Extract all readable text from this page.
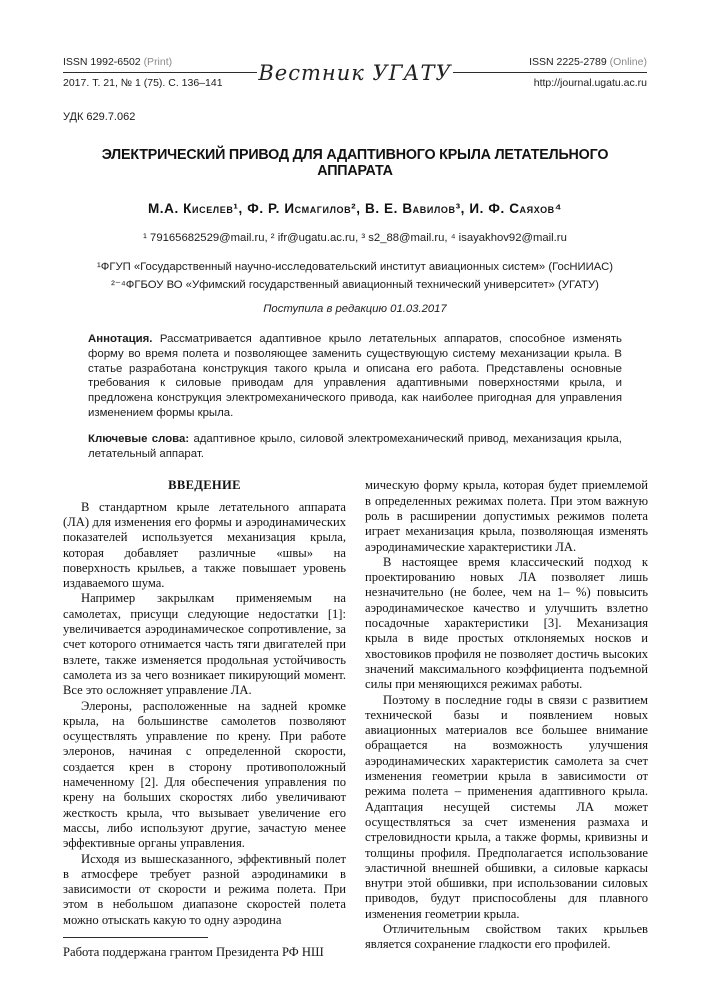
ISSN 1992-6502 (Print)
2017. Т. 21, № 1 (75). С. 136–141	Вестник УГАТУ	ISSN 2225-2789 (Online)
http://journal.ugatu.ac.ru
УДК 629.7.062
ЭЛЕКТРИЧЕСКИЙ ПРИВОД ДЛЯ АДАПТИВНОГО КРЫЛА ЛЕТАТЕЛЬНОГО АППАРАТА
М.А. Киселев¹, Ф. Р. Исмагилов², В. Е. Вавилов³, И. Ф. Саяхов⁴
¹ 79165682529@mail.ru, ² ifr@ugatu.ac.ru, ³ s2_88@mail.ru, ⁴ isayakhov92@mail.ru
¹ФГУП «Государственный научно-исследовательский институт авиационных систем» (ГосНИИАС)
²⁻⁴ФГБОУ ВО «Уфимский государственный авиационный технический университет» (УГАТУ)
Поступила в редакцию 01.03.2017
Аннотация. Рассматривается адаптивное крыло летательных аппаратов, способное изменять форму во время полета и позволяющее заменить существующую систему механизации крыла. В статье разработана конструкция такого крыла и описана его работа. Представлены основные требования к силовые приводам для управления адаптивными поверхностями крыла, и предложена конструкция электромеханического привода, как наиболее пригодная для управления изменением формы крыла.
Ключевые слова: адаптивное крыло, силовой электромеханический привод, механизация крыла, летательный аппарат.
ВВЕДЕНИЕ

В стандартном крыле летательного аппарата (ЛА) для изменения его формы и аэродинамических показателей используется механизация крыла, которая добавляет различные «швы» на поверхность крыльев, а также повышает уровень издаваемого шума.

Например закрылкам применяемым на самолетах, присущи следующие недостатки [1]: увеличивается аэродинамическое сопротивление, за счет которого отнимается часть тяги двигателей при взлете, также изменяется продольная устойчивость самолета из за чего возникает пикирующий момент. Все это осложняет управление ЛА.

Элероны, расположенные на задней кромке крыла, на большинстве самолетов позволяют осуществлять управление по крену. При работе элеронов, начиная с определенной скорости, создается крен в сторону противоположный намеченному [2]. Для обеспечения управления по крену на больших скоростях либо увеличивают жесткость крыла, что вызывает увеличение его массы, либо используют другие, зачастую менее эффективные органы управления.

Исходя из вышесказанного, эффективный полет в атмосфере требует разной аэродинамики в зависимости от скорости и режима полета. При этом в небольшом диапазоне скоростей полета можно отыскать какую то одну аэродина

Работа поддержана грантом Президента РФ НШ

мическую форму крыла, которая будет приемлемой в определенных режимах полета. При этом важную роль в расширении допустимых режимов полета играет механизация крыла, позволяющая изменять аэродинамические характеристики ЛА.

В настоящее время классический подход к проектированию новых ЛА позволяет лишь незначительно (не более, чем на 1– %) повысить аэродинамическое качество и улучшить взлетно посадочные характеристики [3]. Механизация крыла в виде простых отклоняемых носков и хвостовиков профиля не позволяет достичь высоких значений максимального коэффициента подъемной силы при меняющихся режимах работы.

Поэтому в последние годы в связи с развитием технической базы и появлением новых авиационных материалов все большее внимание обращается на возможность улучшения аэродинамических характеристик самолета за счет изменения геометрии крыла в зависимости от режима полета – применения адаптивного крыла. Адаптация несущей системы ЛА может осуществляться за счет изменения размаха и стреловидности крыла, а также формы, кривизны и толщины профиля. Предполагается использование эластичной внешней обшивки, а силовые каркасы внутри этой обшивки, при использовании силовых приводов, будут приспособлены для плавного изменения геометрии крыла.

Отличительным свойством таких крыльев является сохранение гладкости его профилей.
